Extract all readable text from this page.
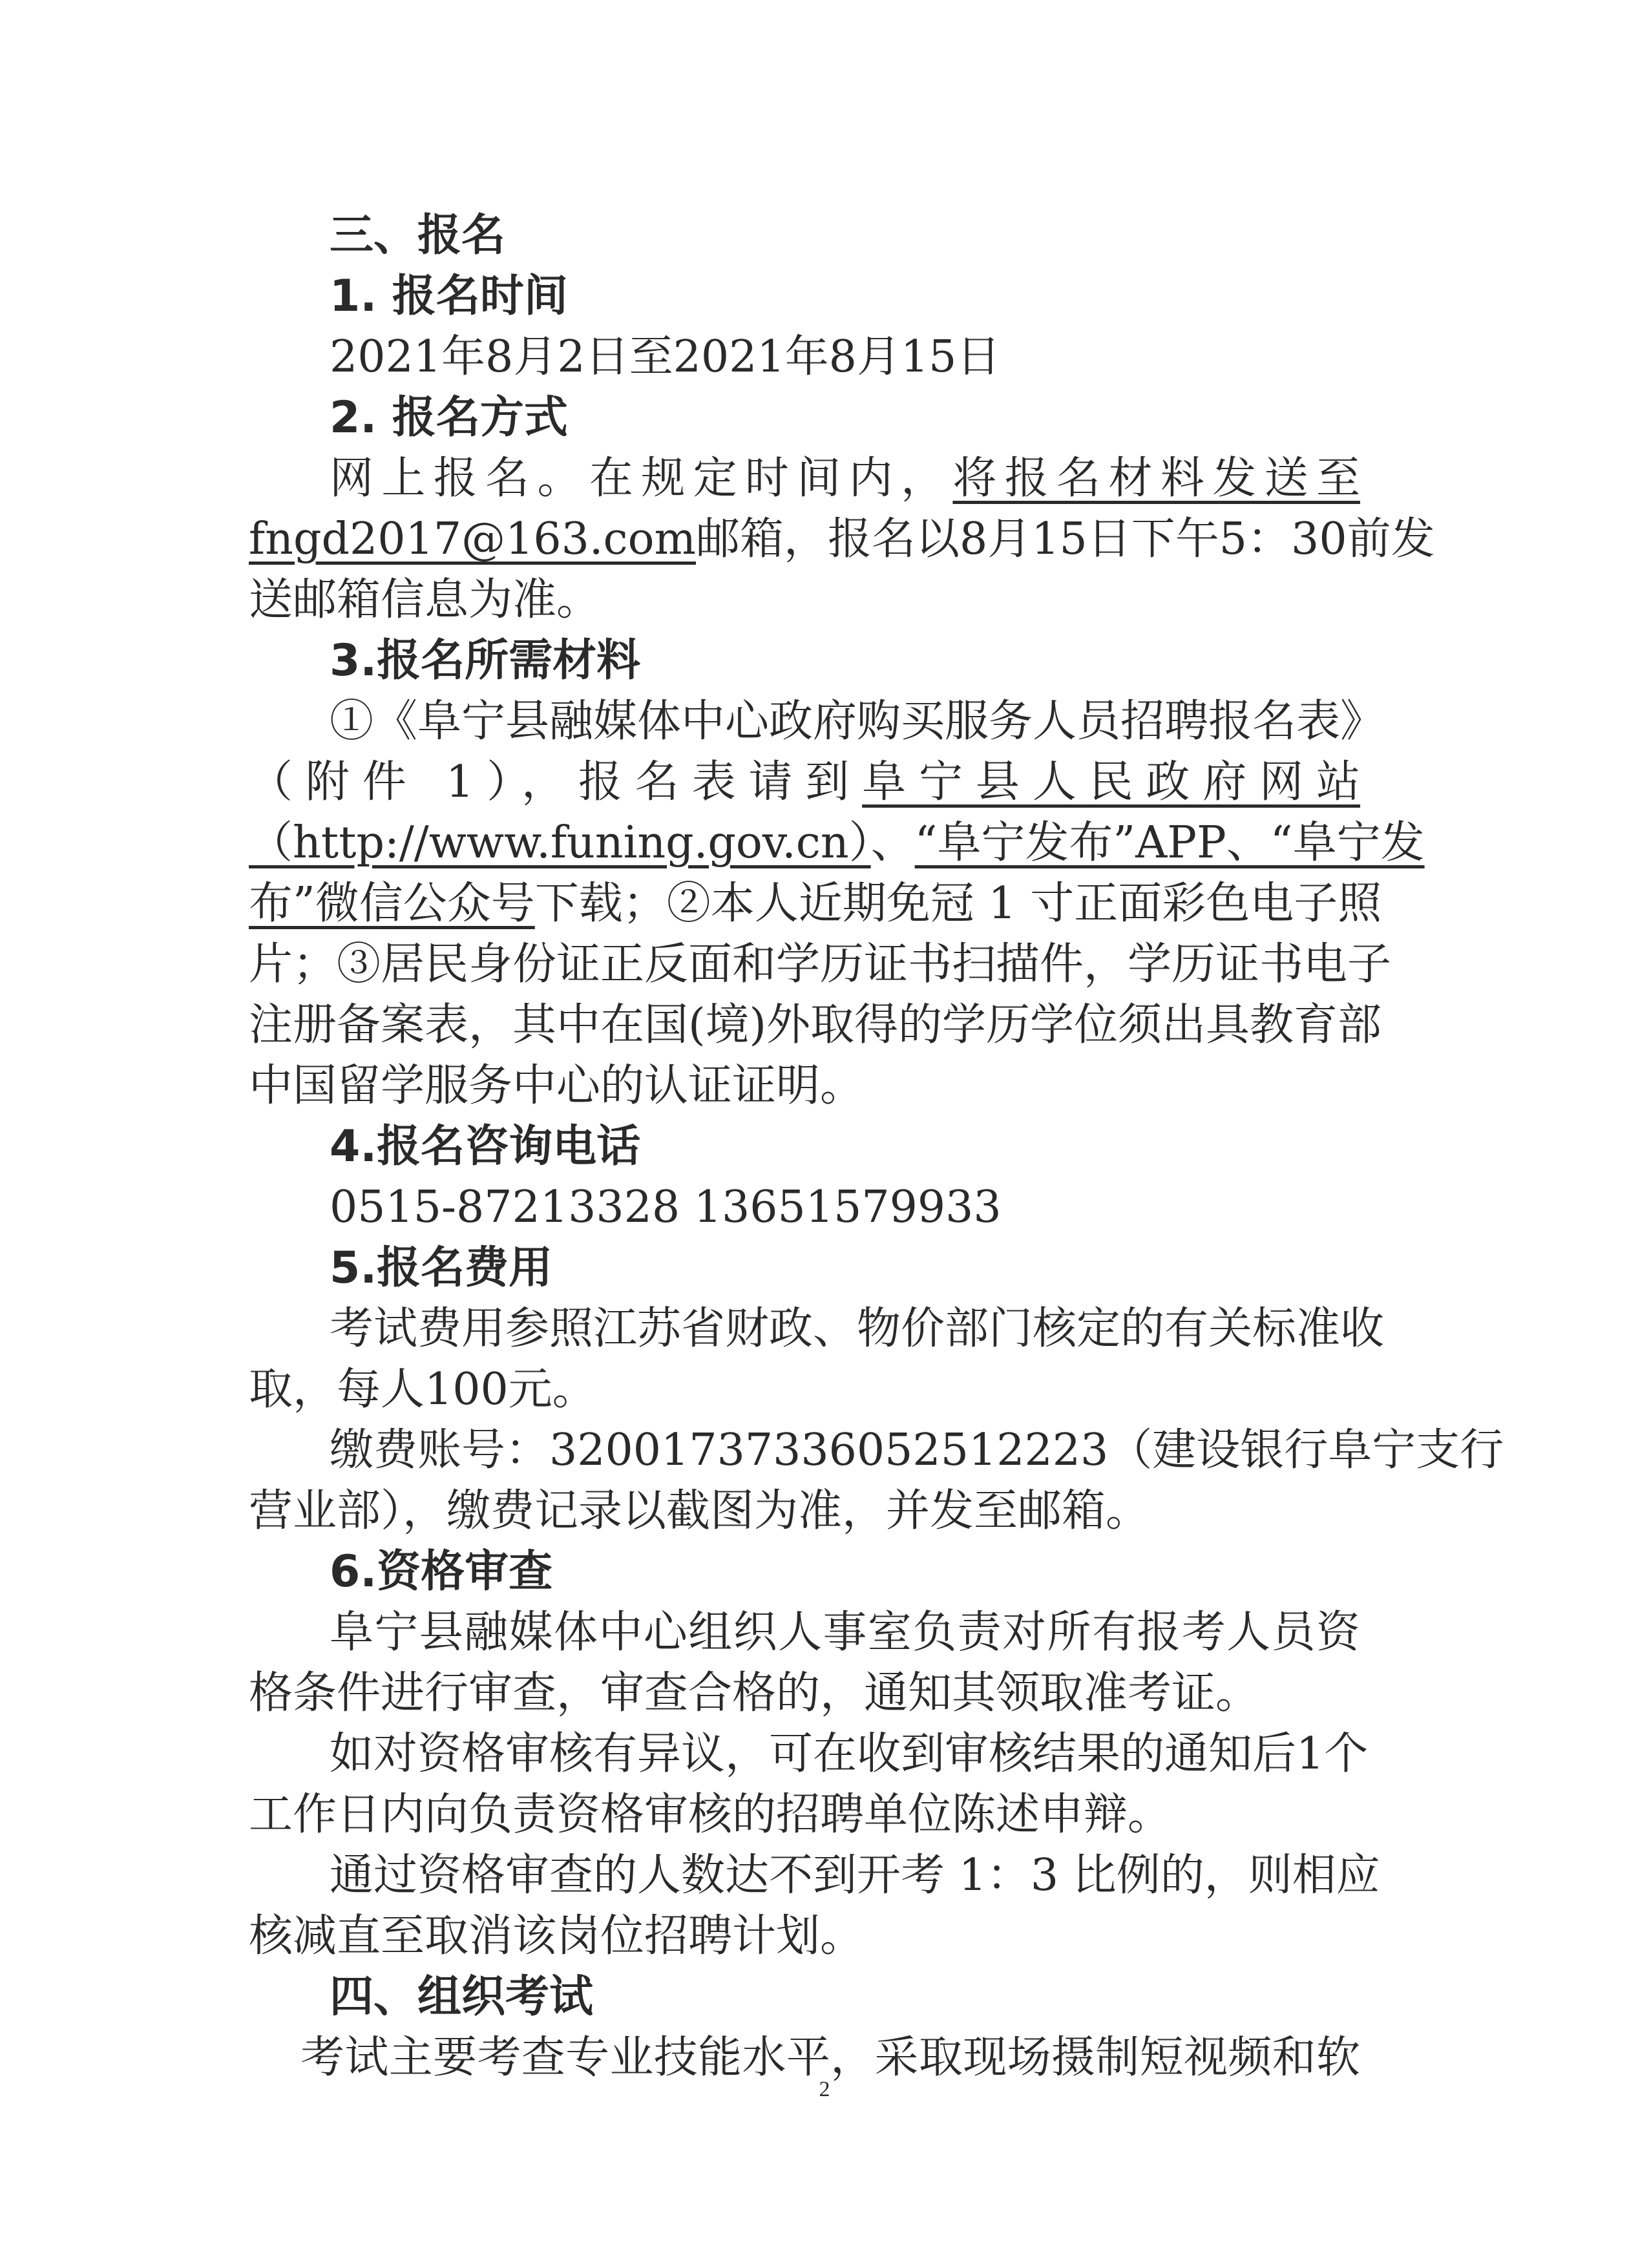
三、报名
1. 报名时间
2021年8月2日至2021年8月15日
2. 报名方式
网上报名。在规定时间内，将报名材料发送至
fngd2017@163.com邮箱，报名以8月15日下午5：30前发
送邮箱信息为准。
3.报名所需材料
①《阜宁县融媒体中心政府购买服务人员招聘报名表》
（附件 1），报名表请到阜宁县人民政府网站
（http://www.funing.gov.cn）、“阜宁发布”APP、“阜宁发
布”微信公众号下载；②本人近期免冠 1 寸正面彩色电子照
片；③居民身份证正反面和学历证书扫描件，学历证书电子
注册备案表，其中在国(境)外取得的学历学位须出具教育部
中国留学服务中心的认证证明。
4.报名咨询电话
0515-87213328 13651579933
5.报名费用
考试费用参照江苏省财政、物价部门核定的有关标准收
取，每人100元。
缴费账号：32001737336052512223（建设银行阜宁支行
营业部），缴费记录以截图为准，并发至邮箱。
6.资格审查
阜宁县融媒体中心组织人事室负责对所有报考人员资
格条件进行审查，审查合格的，通知其领取准考证。
如对资格审核有异议，可在收到审核结果的通知后1个
工作日内向负责资格审核的招聘单位陈述申辩。
通过资格审查的人数达不到开考 1：3 比例的，则相应
核减直至取消该岗位招聘计划。
四、组织考试
考试主要考查专业技能水平，采取现场摄制短视频和软
2
